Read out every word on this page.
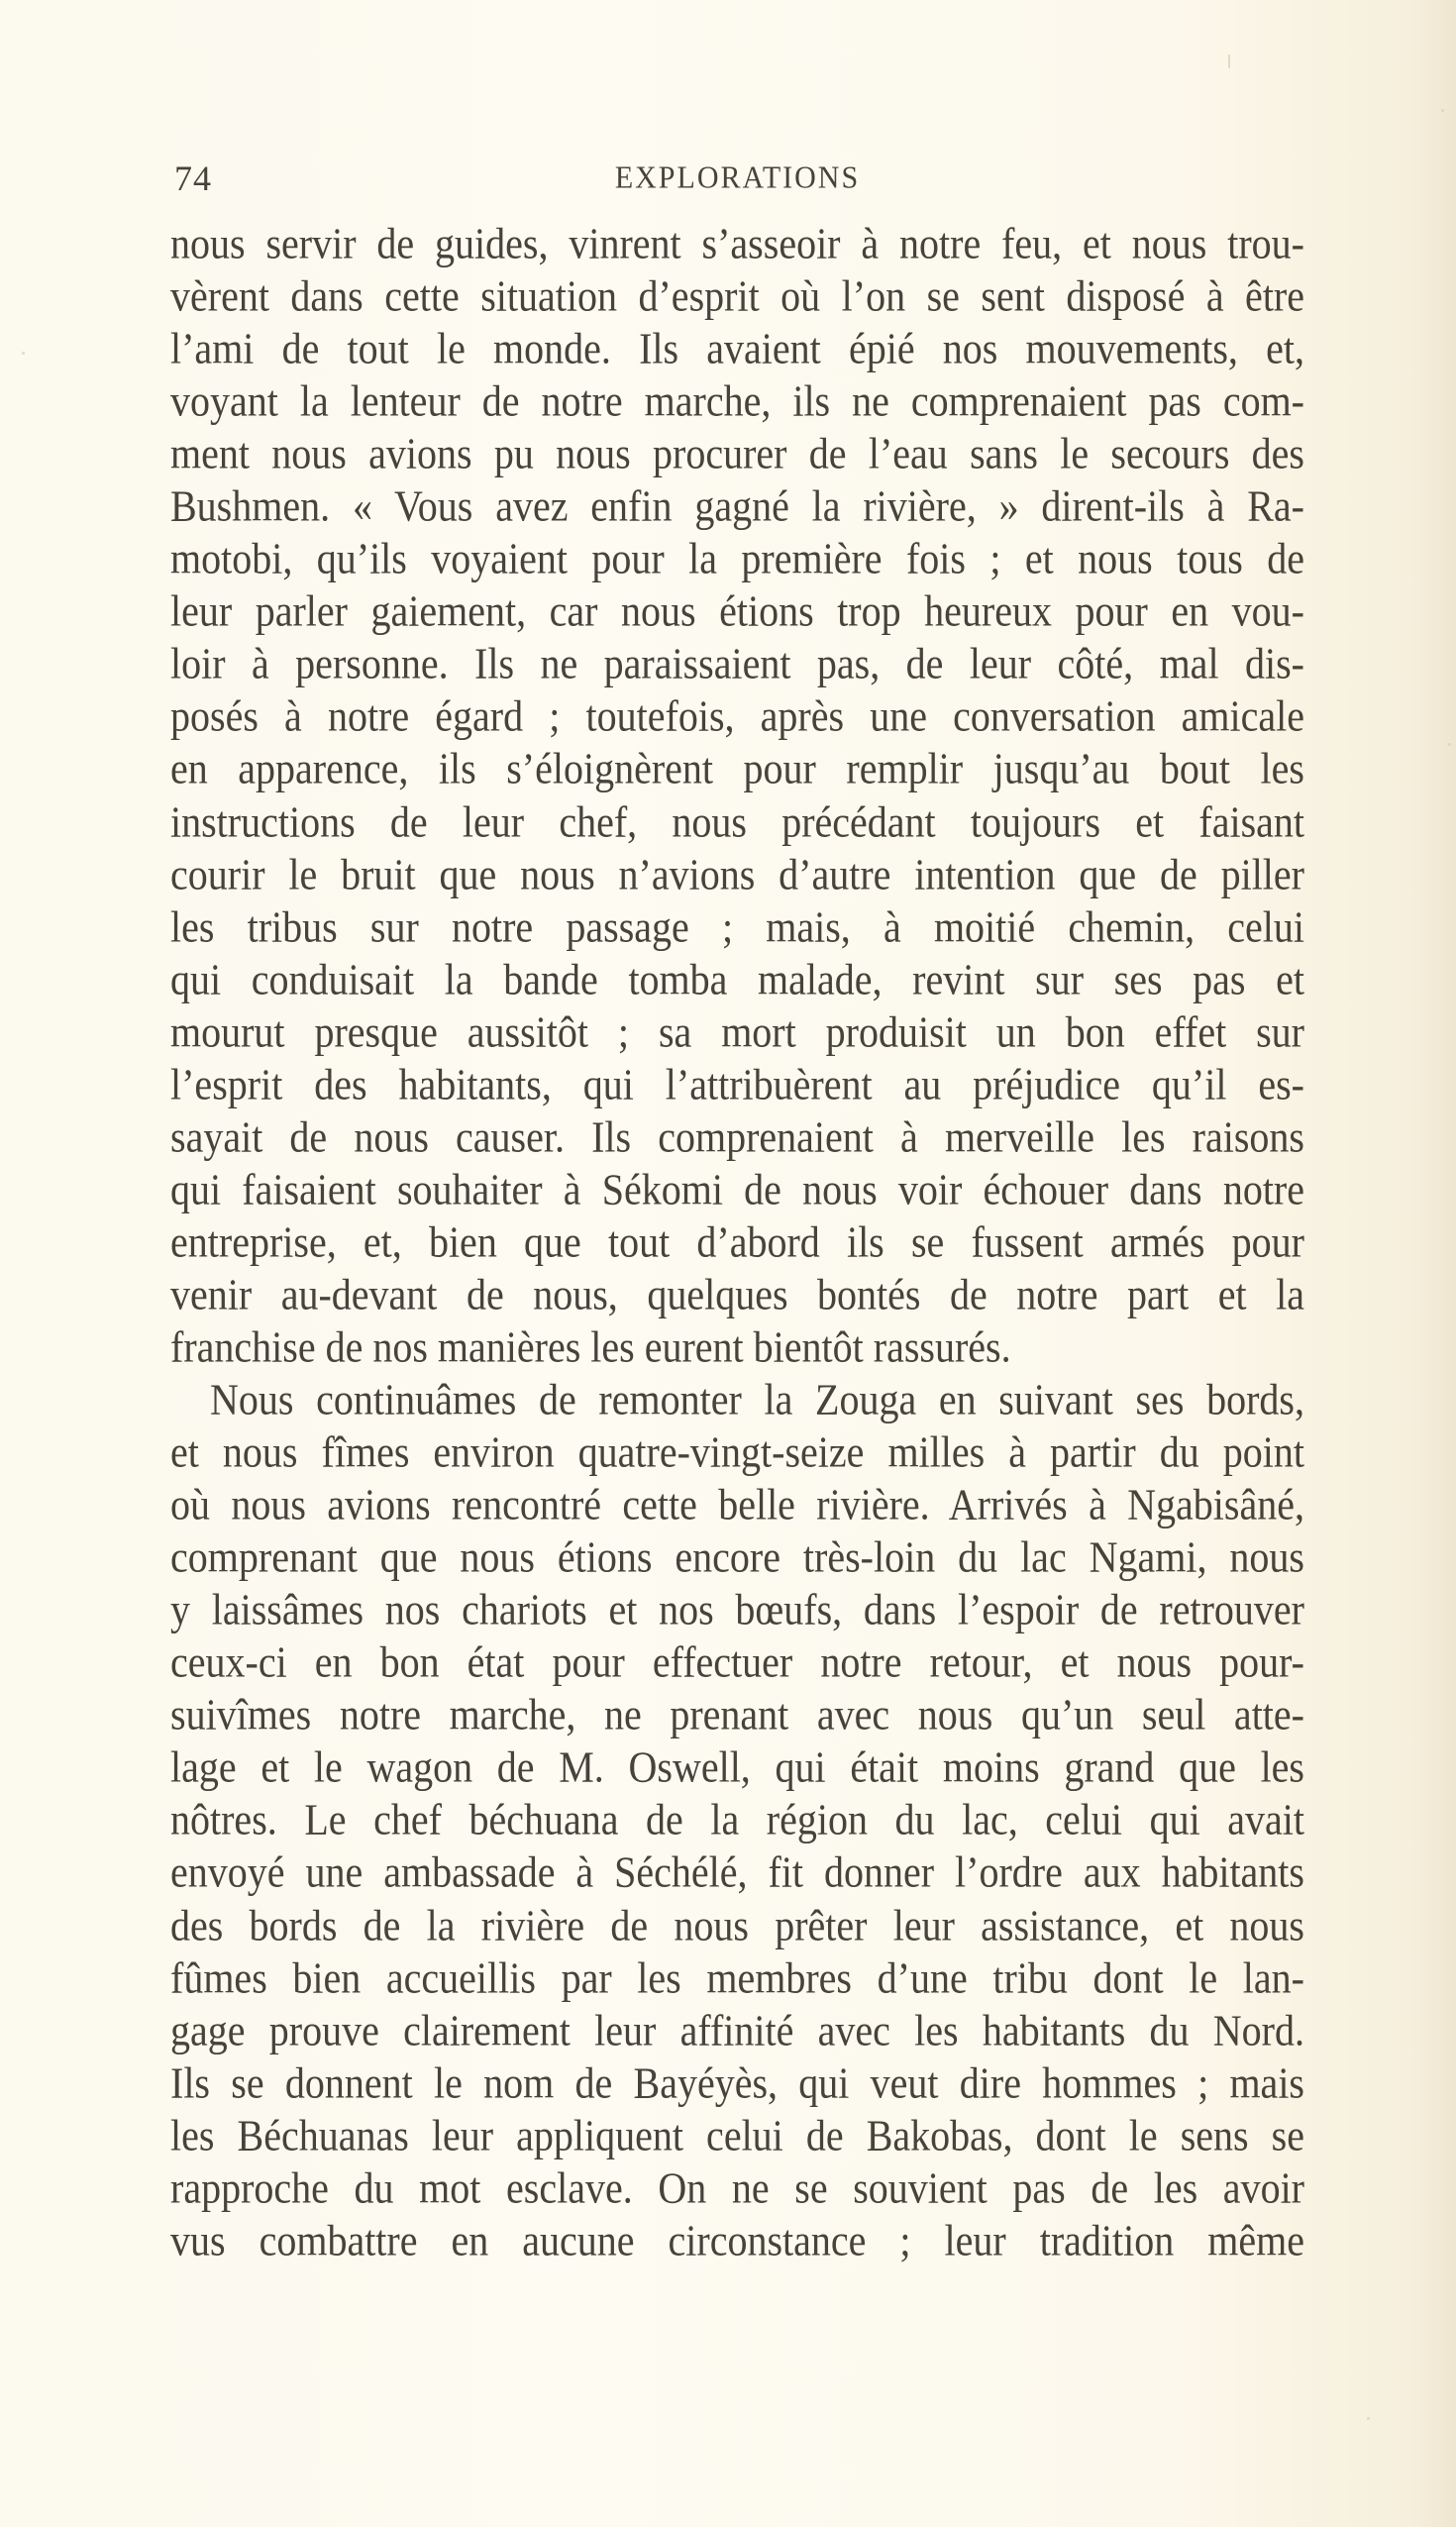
74	EXPLORATIONS
nous servir de guides, vinrent s’asseoir à notre feu, et nous trou-
vèrent dans cette situation d’esprit où l’on se sent disposé à être
l’ami de tout le monde. Ils avaient épié nos mouvements, et,
voyant la lenteur de notre marche, ils ne comprenaient pas com-
ment nous avions pu nous procurer de l’eau sans le secours des
Bushmen. « Vous avez enfin gagné la rivière, » dirent-ils à Ra-
motobi, qu’ils voyaient pour la première fois ; et nous tous de
leur parler gaiement, car nous étions trop heureux pour en vou-
loir à personne. Ils ne paraissaient pas, de leur côté, mal dis-
posés à notre égard ; toutefois, après une conversation amicale
en apparence, ils s’éloignèrent pour remplir jusqu’au bout les
instructions de leur chef, nous précédant toujours et faisant
courir le bruit que nous n’avions d’autre intention que de piller
les tribus sur notre passage ; mais, à moitié chemin, celui
qui conduisait la bande tomba malade, revint sur ses pas et
mourut presque aussitôt ; sa mort produisit un bon effet sur
l’esprit des habitants, qui l’attribuèrent au préjudice qu’il es-
sayait de nous causer. Ils comprenaient à merveille les raisons
qui faisaient souhaiter à Sékomi de nous voir échouer dans notre
entreprise, et, bien que tout d’abord ils se fussent armés pour
venir au-devant de nous, quelques bontés de notre part et la
franchise de nos manières les eurent bientôt rassurés.
Nous continuâmes de remonter la Zouga en suivant ses bords,
et nous fîmes environ quatre-vingt-seize milles à partir du point
où nous avions rencontré cette belle rivière. Arrivés à Ngabisâné,
comprenant que nous étions encore très-loin du lac Ngami, nous
y laissâmes nos chariots et nos bœufs, dans l’espoir de retrouver
ceux-ci en bon état pour effectuer notre retour, et nous pour-
suivîmes notre marche, ne prenant avec nous qu’un seul atte-
lage et le wagon de M. Oswell, qui était moins grand que les
nôtres. Le chef béchuana de la région du lac, celui qui avait
envoyé une ambassade à Séchélé, fit donner l’ordre aux habitants
des bords de la rivière de nous prêter leur assistance, et nous
fûmes bien accueillis par les membres d’une tribu dont le lan-
gage prouve clairement leur affinité avec les habitants du Nord.
Ils se donnent le nom de Bayéyès, qui veut dire hommes ; mais
les Béchuanas leur appliquent celui de Bakobas, dont le sens se
rapproche du mot esclave. On ne se souvient pas de les avoir
vus combattre en aucune circonstance ; leur tradition même
